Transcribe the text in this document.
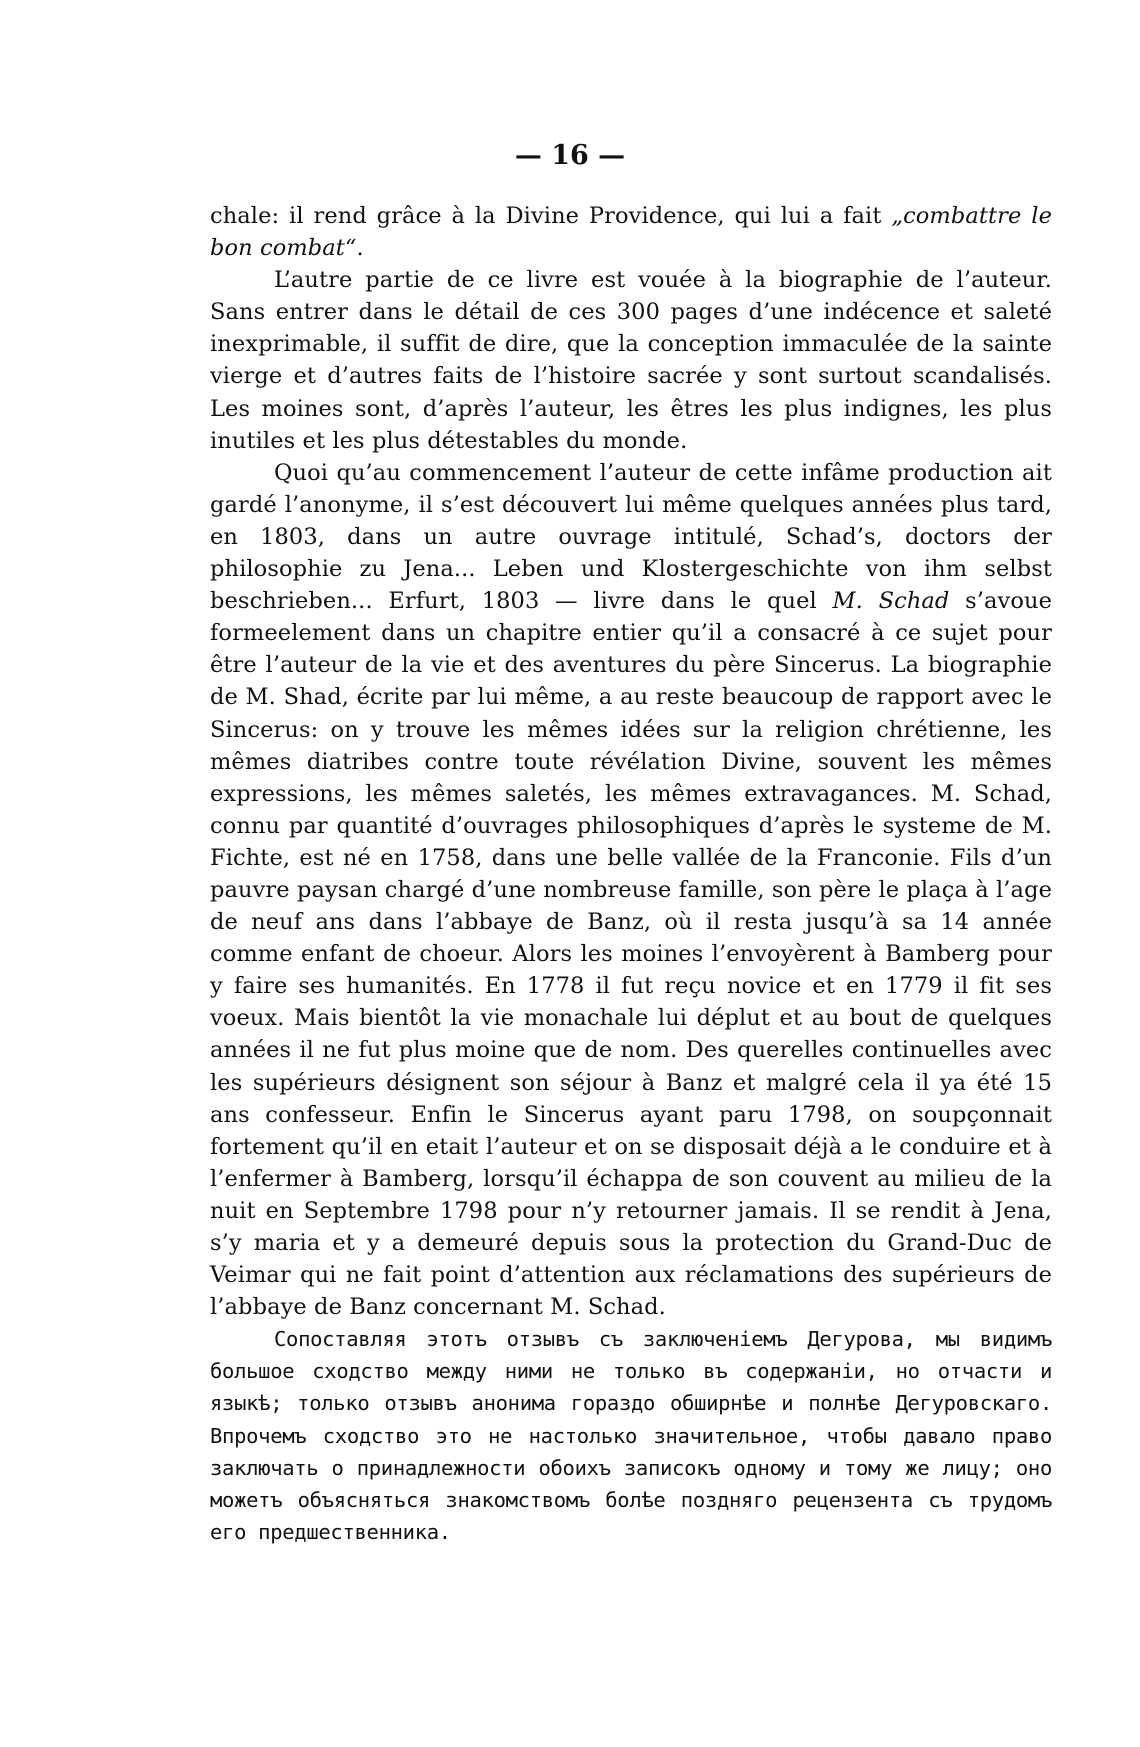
— 16 —

chale: il rend grâce à la Divine Providence, qui lui a fait „combattre le bon combat“.

L’autre partie de ce livre est vouée à la biographie de l’auteur. Sans entrer dans le détail de ces 300 pages d’une indécence et saleté inexprimable, il suffit de dire, que la conception immaculée de la sainte vierge et d’autres faits de l’histoire sacrée y sont surtout scandalisés. Les moines sont, d’après l’auteur, les êtres les plus indignes, les plus inutiles et les plus détestables du monde.

Quoi qu’au commencement l’auteur de cette infâme production ait gardé l’anonyme, il s’est découvert lui même quelques années plus tard, en 1803, dans un autre ouvrage intitulé, Schad’s, doctors der philosophie zu Jena... Leben und Klostergeschichte von ihm selbst beschrieben... Erfurt, 1803 — livre dans le quel M. Schad s’avoue formeelement dans un chapitre entier qu’il a consacré à ce sujet pour être l’auteur de la vie et des aventures du père Sincerus. La biographie de M. Shad, écrite par lui même, a au reste beaucoup de rapport avec le Sincerus: on y trouve les mêmes idées sur la religion chrétienne, les mêmes diatribes contre toute révélation Divine, souvent les mêmes expressions, les mêmes saletés, les mêmes extravagances. M. Schad, connu par quantité d’ouvrages philosophiques d’après le systeme de M. Fichte, est né en 1758, dans une belle vallée de la Franconie. Fils d’un pauvre paysan chargé d’une nombreuse famille, son père le plaça à l’age de neuf ans dans l’abbaye de Banz, où il resta jusqu’à sa 14 année comme enfant de choeur. Alors les moines l’envoyèrent à Bamberg pour y faire ses humanités. En 1778 il fut reçu novice et en 1779 il fit ses voeux. Mais bientôt la vie monachale lui déplut et au bout de quelques années il ne fut plus moine que de nom. Des querelles continuelles avec les supérieurs désignent son séjour à Banz et malgré cela il ya été 15 ans confesseur. Enfin le Sincerus ayant paru 1798, on soupçonnait fortement qu’il en etait l’auteur et on se disposait déjà a le conduire et à l’enfermer à Bamberg, lorsqu’il échappa de son couvent au milieu de la nuit en Septembre 1798 pour n’y retourner jamais. Il se rendit à Jena, s’y maria et y a demeuré depuis sous la protection du Grand-Duc de Veimar qui ne fait point d’attention aux réclamations des supérieurs de l’abbaye de Banz concernant M. Schad.

Сопоставляя этотъ отзывъ съ заключенiемъ Дегурова, мы видимъ большое сходство между ними не только въ содержанiи, но отчасти и языкѣ; только отзывъ анонима гораздо обширнѣе и полнѣе Дегуровскаго. Впрочемъ сходство это не настолько значительное, чтобы давало право заключать о принадлежности обоихъ записокъ одному и тому же лицу; оно можетъ объясняться знакомствомъ болѣе поздняго рецензента съ трудомъ его предшественника.
